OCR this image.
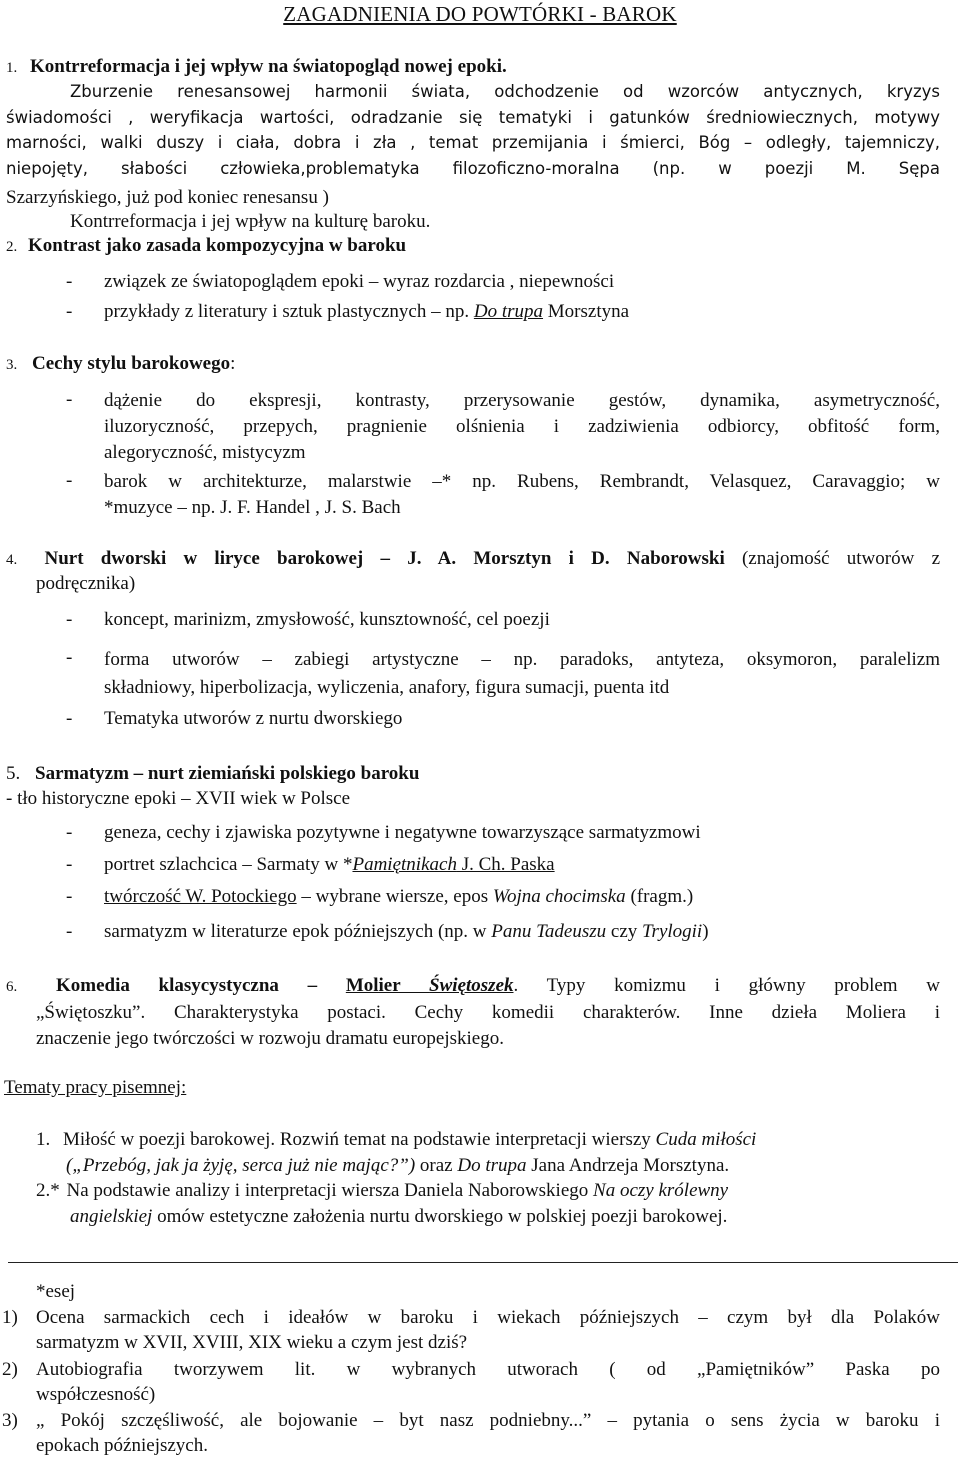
ZAGADNIENIA DO POWTÓRKI - BAROK
1. Kontrreformacja i jej wpływ na światopogląd nowej epoki.
Zburzenie renesansowej harmonii świata, odchodzenie od wzorców antycznych, kryzys
świadomości , weryfikacja wartości, odradzanie się tematyki i gatunków średniowiecznych, motywy
marności, walki duszy i ciała, dobra i zła , temat przemijania i śmierci, Bóg – odległy, tajemniczy,
niepojęty, słabości człowieka,problematyka filozoficzno-moralna (np. w poezji M. Sępa
Szarzyńskiego, już pod koniec renesansu )
Kontrreformacja i jej wpływ na kulturę baroku.
2. Kontrast jako zasada kompozycyjna w baroku
- związek ze światopoglądem epoki – wyraz rozdarcia , niepewności
- przykłady z literatury i sztuk plastycznych – np. Do trupa Morsztyna
3. Cechy stylu barokowego:
- dążenie do ekspresji, kontrasty, przerysowanie gestów, dynamika, asymetryczność,
iluzoryczność, przepych, pragnienie olśnienia i zadziwienia odbiorcy, obfitość form,
alegoryczność, mistycyzm
- barok w architekturze, malarstwie –* np. Rubens, Rembrandt, Velasquez, Caravaggio; w
*muzyce – np. J. F. Handel , J. S. Bach
4. Nurt dworski w liryce barokowej – J. A. Morsztyn i D. Naborowski (znajomość utworów z
podręcznika)
- koncept, marinizm, zmysłowość, kunsztowność, cel poezji
- forma utworów – zabiegi artystyczne – np. paradoks, antyteza, oksymoron, paralelizm
składniowy, hiperbolizacja, wyliczenia, anafory, figura sumacji, puenta itd
- Tematyka utworów z nurtu dworskiego
5. Sarmatyzm – nurt ziemiański polskiego baroku
- tło historyczne epoki – XVII wiek w Polsce
- geneza, cechy i zjawiska pozytywne i negatywne towarzyszące sarmatyzmowi
- portret szlachcica – Sarmaty w *Pamiętnikach J. Ch. Paska
- twórczość W. Potockiego – wybrane wiersze, epos Wojna chocimska (fragm.)
- sarmatyzm w literaturze epok późniejszych (np. w Panu Tadeuszu czy Trylogii)
6. Komedia klasycystyczna – Molier Świętoszek. Typy komizmu i główny problem w
„Świętoszku”. Charakterystyka postaci. Cechy komedii charakterów. Inne dzieła Moliera i
znaczenie jego twórczości w rozwoju dramatu europejskiego.
Tematy pracy pisemnej:
1. Miłość w poezji barokowej. Rozwiń temat na podstawie interpretacji wierszy Cuda miłości
(„Przebóg, jak ja żyję, serca już nie mając?”) oraz Do trupa Jana Andrzeja Morsztyna.
2.* Na podstawie analizy i interpretacji wiersza Daniela Naborowskiego Na oczy królewny
angielskiej omów estetyczne założenia nurtu dworskiego w polskiej poezji barokowej.
*esej
1) Ocena sarmackich cech i ideałów w baroku i wiekach późniejszych – czym był dla Polaków
sarmatyzm w XVII, XVIII, XIX wieku a czym jest dziś?
2) Autobiografia tworzywem lit. w wybranych utworach ( od „Pamiętników” Paska po
współczesność)
3) „ Pokój szczęśliwość, ale bojowanie – byt nasz podniebny...” – pytania o sens życia w baroku i
epokach późniejszych.
